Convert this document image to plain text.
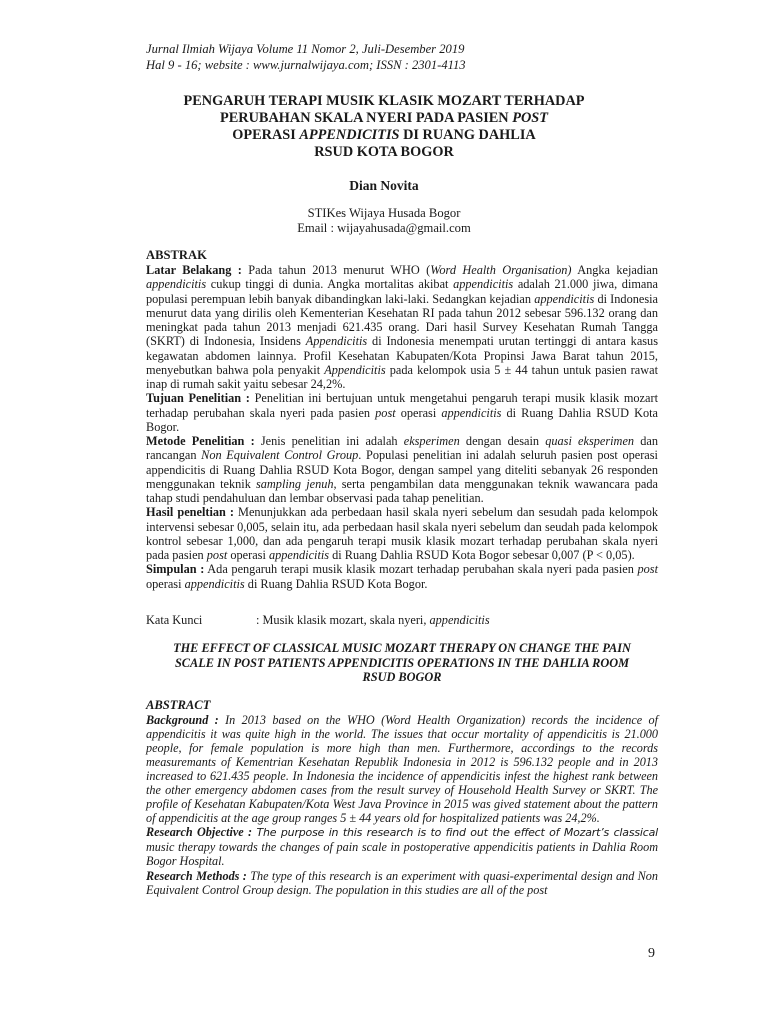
Jurnal Ilmiah Wijaya Volume 11 Nomor 2, Juli-Desember 2019
Hal 9 - 16; website : www.jurnalwijaya.com; ISSN : 2301-4113
PENGARUH TERAPI MUSIK KLASIK MOZART TERHADAP
PERUBAHAN SKALA NYERI PADA PASIEN POST
OPERASI APPENDICITIS DI RUANG DAHLIA
RSUD KOTA BOGOR
Dian Novita
STIKes Wijaya Husada Bogor
Email : wijayahusada@gmail.com
ABSTRAK

Latar Belakang : Pada tahun 2013 menurut WHO (Word Health Organisation) Angka kejadian appendicitis cukup tinggi di dunia. Angka mortalitas akibat appendicitis adalah 21.000 jiwa, dimana populasi perempuan lebih banyak dibandingkan laki-laki. Sedangkan kejadian appendicitis di Indonesia menurut data yang dirilis oleh Kementerian Kesehatan RI pada tahun 2012 sebesar 596.132 orang dan meningkat pada tahun 2013 menjadi 621.435 orang. Dari hasil Survey Kesehatan Rumah Tangga (SKRT) di Indonesia, Insidens Appendicitis di Indonesia menempati urutan tertinggi di antara kasus kegawatan abdomen lainnya. Profil Kesehatan Kabupaten/Kota Propinsi Jawa Barat tahun 2015, menyebutkan bahwa pola penyakit Appendicitis pada kelompok usia 5 ± 44 tahun untuk pasien rawat inap di rumah sakit yaitu sebesar 24,2%.

Tujuan Penelitian : Penelitian ini bertujuan untuk mengetahui pengaruh terapi musik klasik mozart terhadap perubahan skala nyeri pada pasien post operasi appendicitis di Ruang Dahlia RSUD Kota Bogor.

Metode Penelitian : Jenis penelitian ini adalah eksperimen dengan desain quasi eksperimen dan rancangan Non Equivalent Control Group. Populasi penelitian ini adalah seluruh pasien post operasi appendicitis di Ruang Dahlia RSUD Kota Bogor, dengan sampel yang diteliti sebanyak 26 responden menggunakan teknik sampling jenuh, serta pengambilan data menggunakan teknik wawancara pada tahap studi pendahuluan dan lembar observasi pada tahap penelitian.

Hasil peneltian : Menunjukkan ada perbedaan hasil skala nyeri sebelum dan sesudah pada kelompok intervensi sebesar 0,005, selain itu, ada perbedaan hasil skala nyeri sebelum dan seudah pada kelompok kontrol sebesar 1,000, dan ada pengaruh terapi musik klasik mozart terhadap perubahan skala nyeri pada pasien post operasi appendicitis di Ruang Dahlia RSUD Kota Bogor sebesar 0,007 (P < 0,05).

Simpulan : Ada pengaruh terapi musik klasik mozart terhadap perubahan skala nyeri pada pasien post operasi appendicitis di Ruang Dahlia RSUD Kota Bogor.

Kata Kunci	: Musik klasik mozart, skala nyeri, appendicitis
THE EFFECT OF CLASSICAL MUSIC MOZART THERAPY ON CHANGE THE PAIN
SCALE IN POST PATIENTS APPENDICITIS OPERATIONS IN THE DAHLIA ROOM
RSUD BOGOR
ABSTRACT

Background : In 2013 based on the WHO (Word Health Organization) records the incidence of appendicitis it was quite high in the world. The issues that occur mortality of appendicitis is 21.000 people, for female population is more high than men. Furthermore, accordings to the records measuremants of Kementrian Kesehatan Republik Indonesia in 2012 is 596.132 people and in 2013 increased to 621.435 people. In Indonesia the incidence of appendicitis infest the highest rank between the other emergency abdomen cases from the result survey of Household Health Survey or SKRT. The profile of Kesehatan Kabupaten/Kota West Java Province in 2015 was gived statement about the pattern of appendicitis at the age group ranges 5 ± 44 years old for hospitalized patients was 24,2%.

Research Objective : The purpose in this research is to find out the effect of Mozart’s classical music therapy towards the changes of pain scale in postoperative appendicitis patients in Dahlia Room Bogor Hospital.

Research Methods : The type of this research is an experiment with quasi-experimental design and Non Equivalent Control Group design. The population in this studies are all of the post

9
